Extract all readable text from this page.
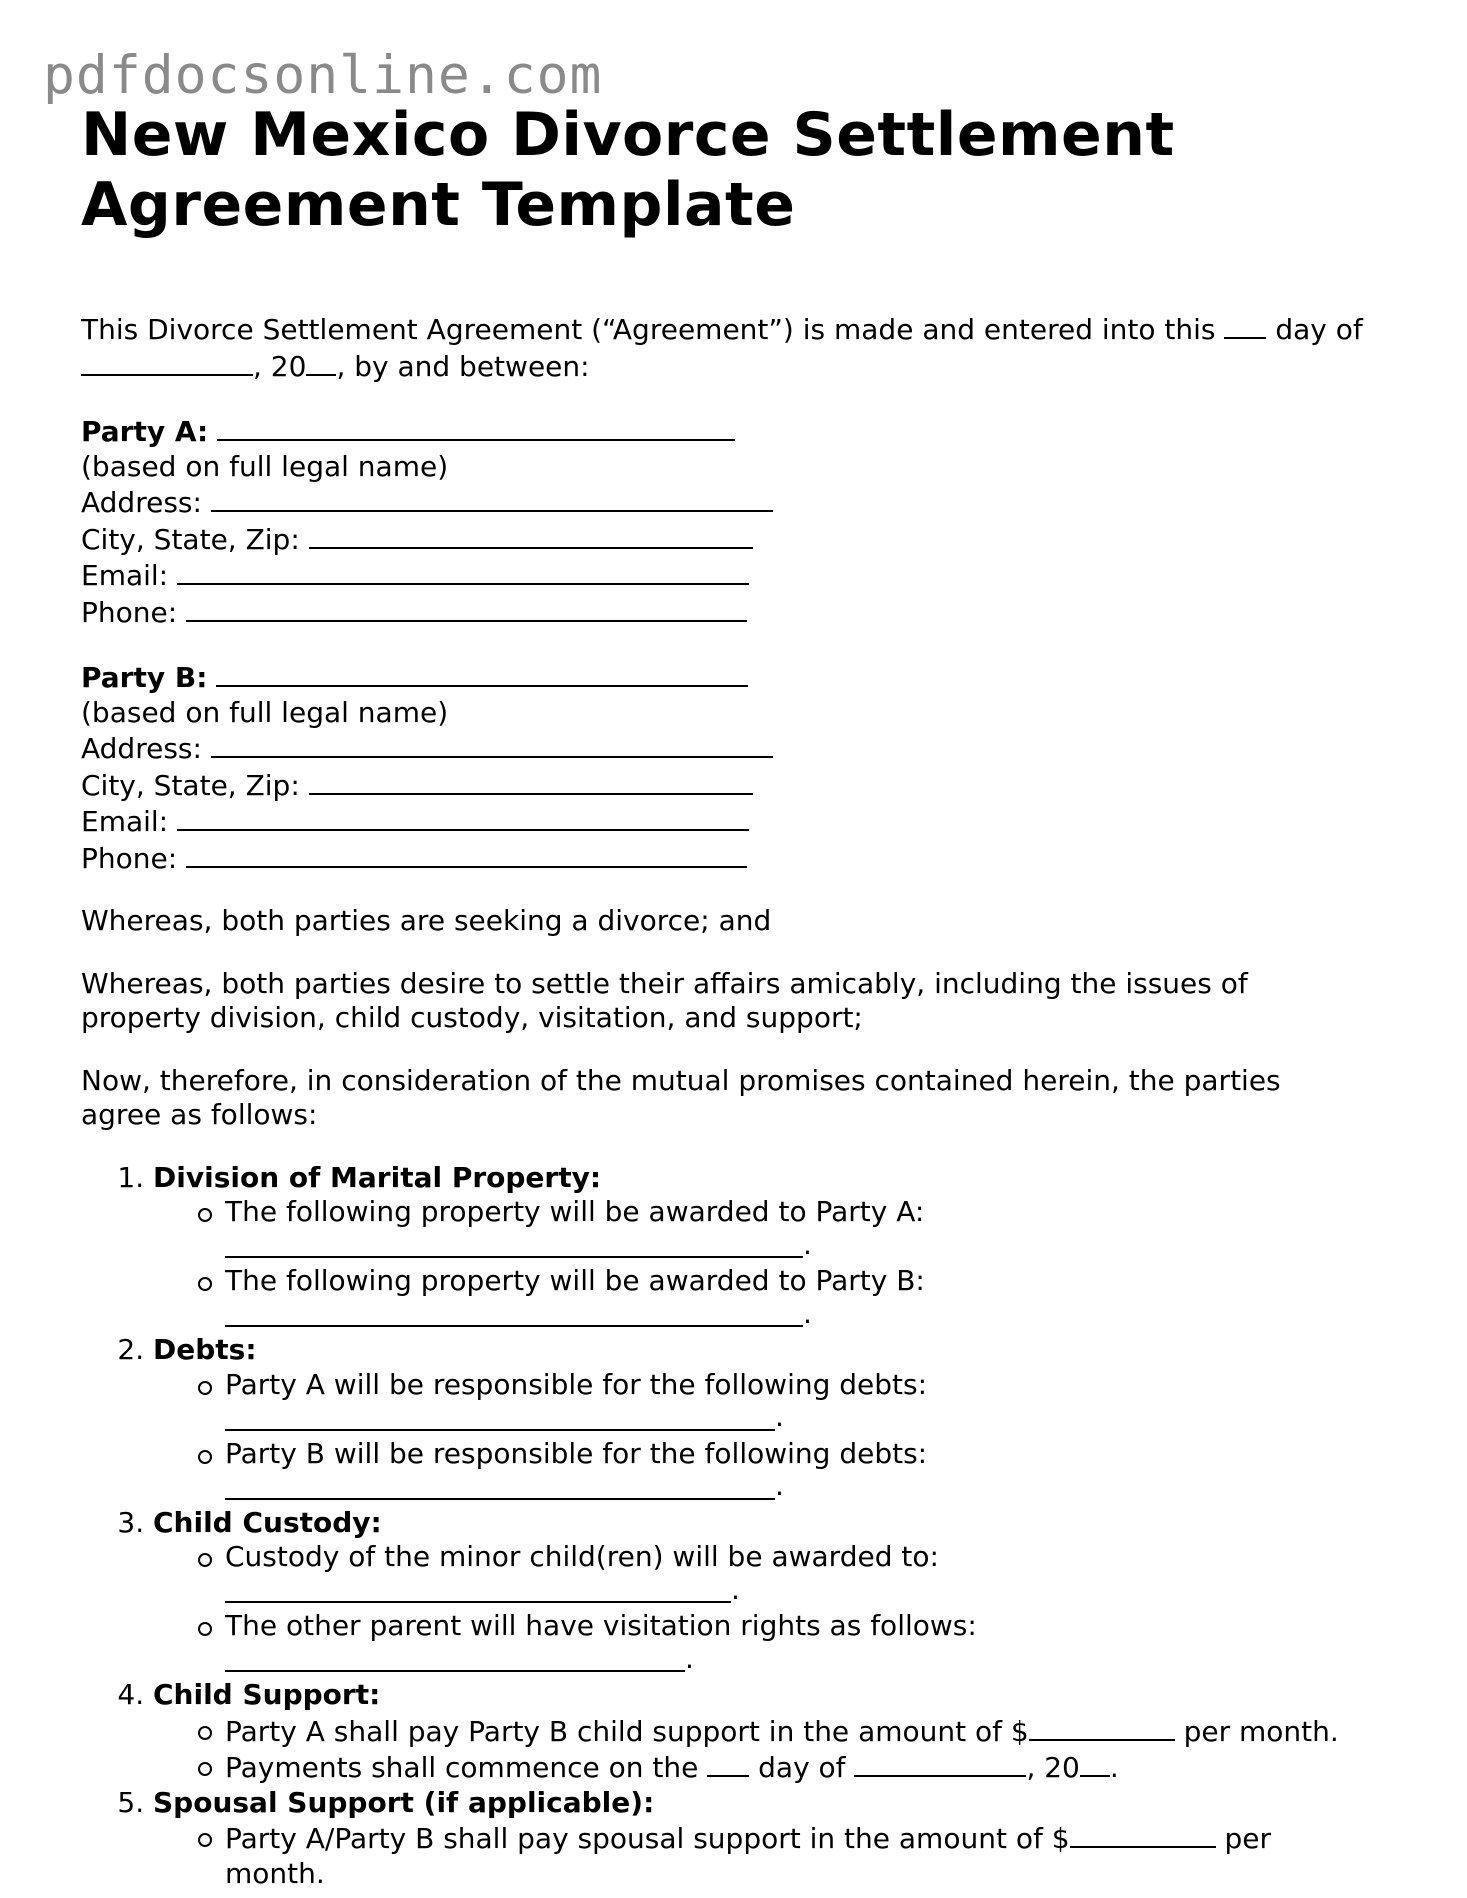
pdfdocsonline.com
New Mexico Divorce Settlement Agreement Template

This Divorce Settlement Agreement (“Agreement”) is made and entered into this day of , 20 , by and between:

Party A:
(based on full legal name)
Address:
City, State, Zip:
Email:
Phone:
Party B:
(based on full legal name)
Address:
City, State, Zip:
Email:
Phone:

Whereas, both parties are seeking a divorce; and

Whereas, both parties desire to settle their affairs amicably, including the issues of property division, child custody, visitation, and support;

Now, therefore, in consideration of the mutual promises contained herein, the parties agree as follows:

1. Division of Marital Property:
The following property will be awarded to Party A:
.
The following property will be awarded to Party B:
.
2. Debts:
Party A will be responsible for the following debts:
.
Party B will be responsible for the following debts:
.
3. Child Custody:
Custody of the minor child(ren) will be awarded to:
.
The other parent will have visitation rights as follows:
.
4. Child Support:
Party A shall pay Party B child support in the amount of $	per month.
Payments shall commence on the day of	, 20 .
5. Spousal Support (if applicable):
Party A/Party B shall pay spousal support in the amount of $	per month.
